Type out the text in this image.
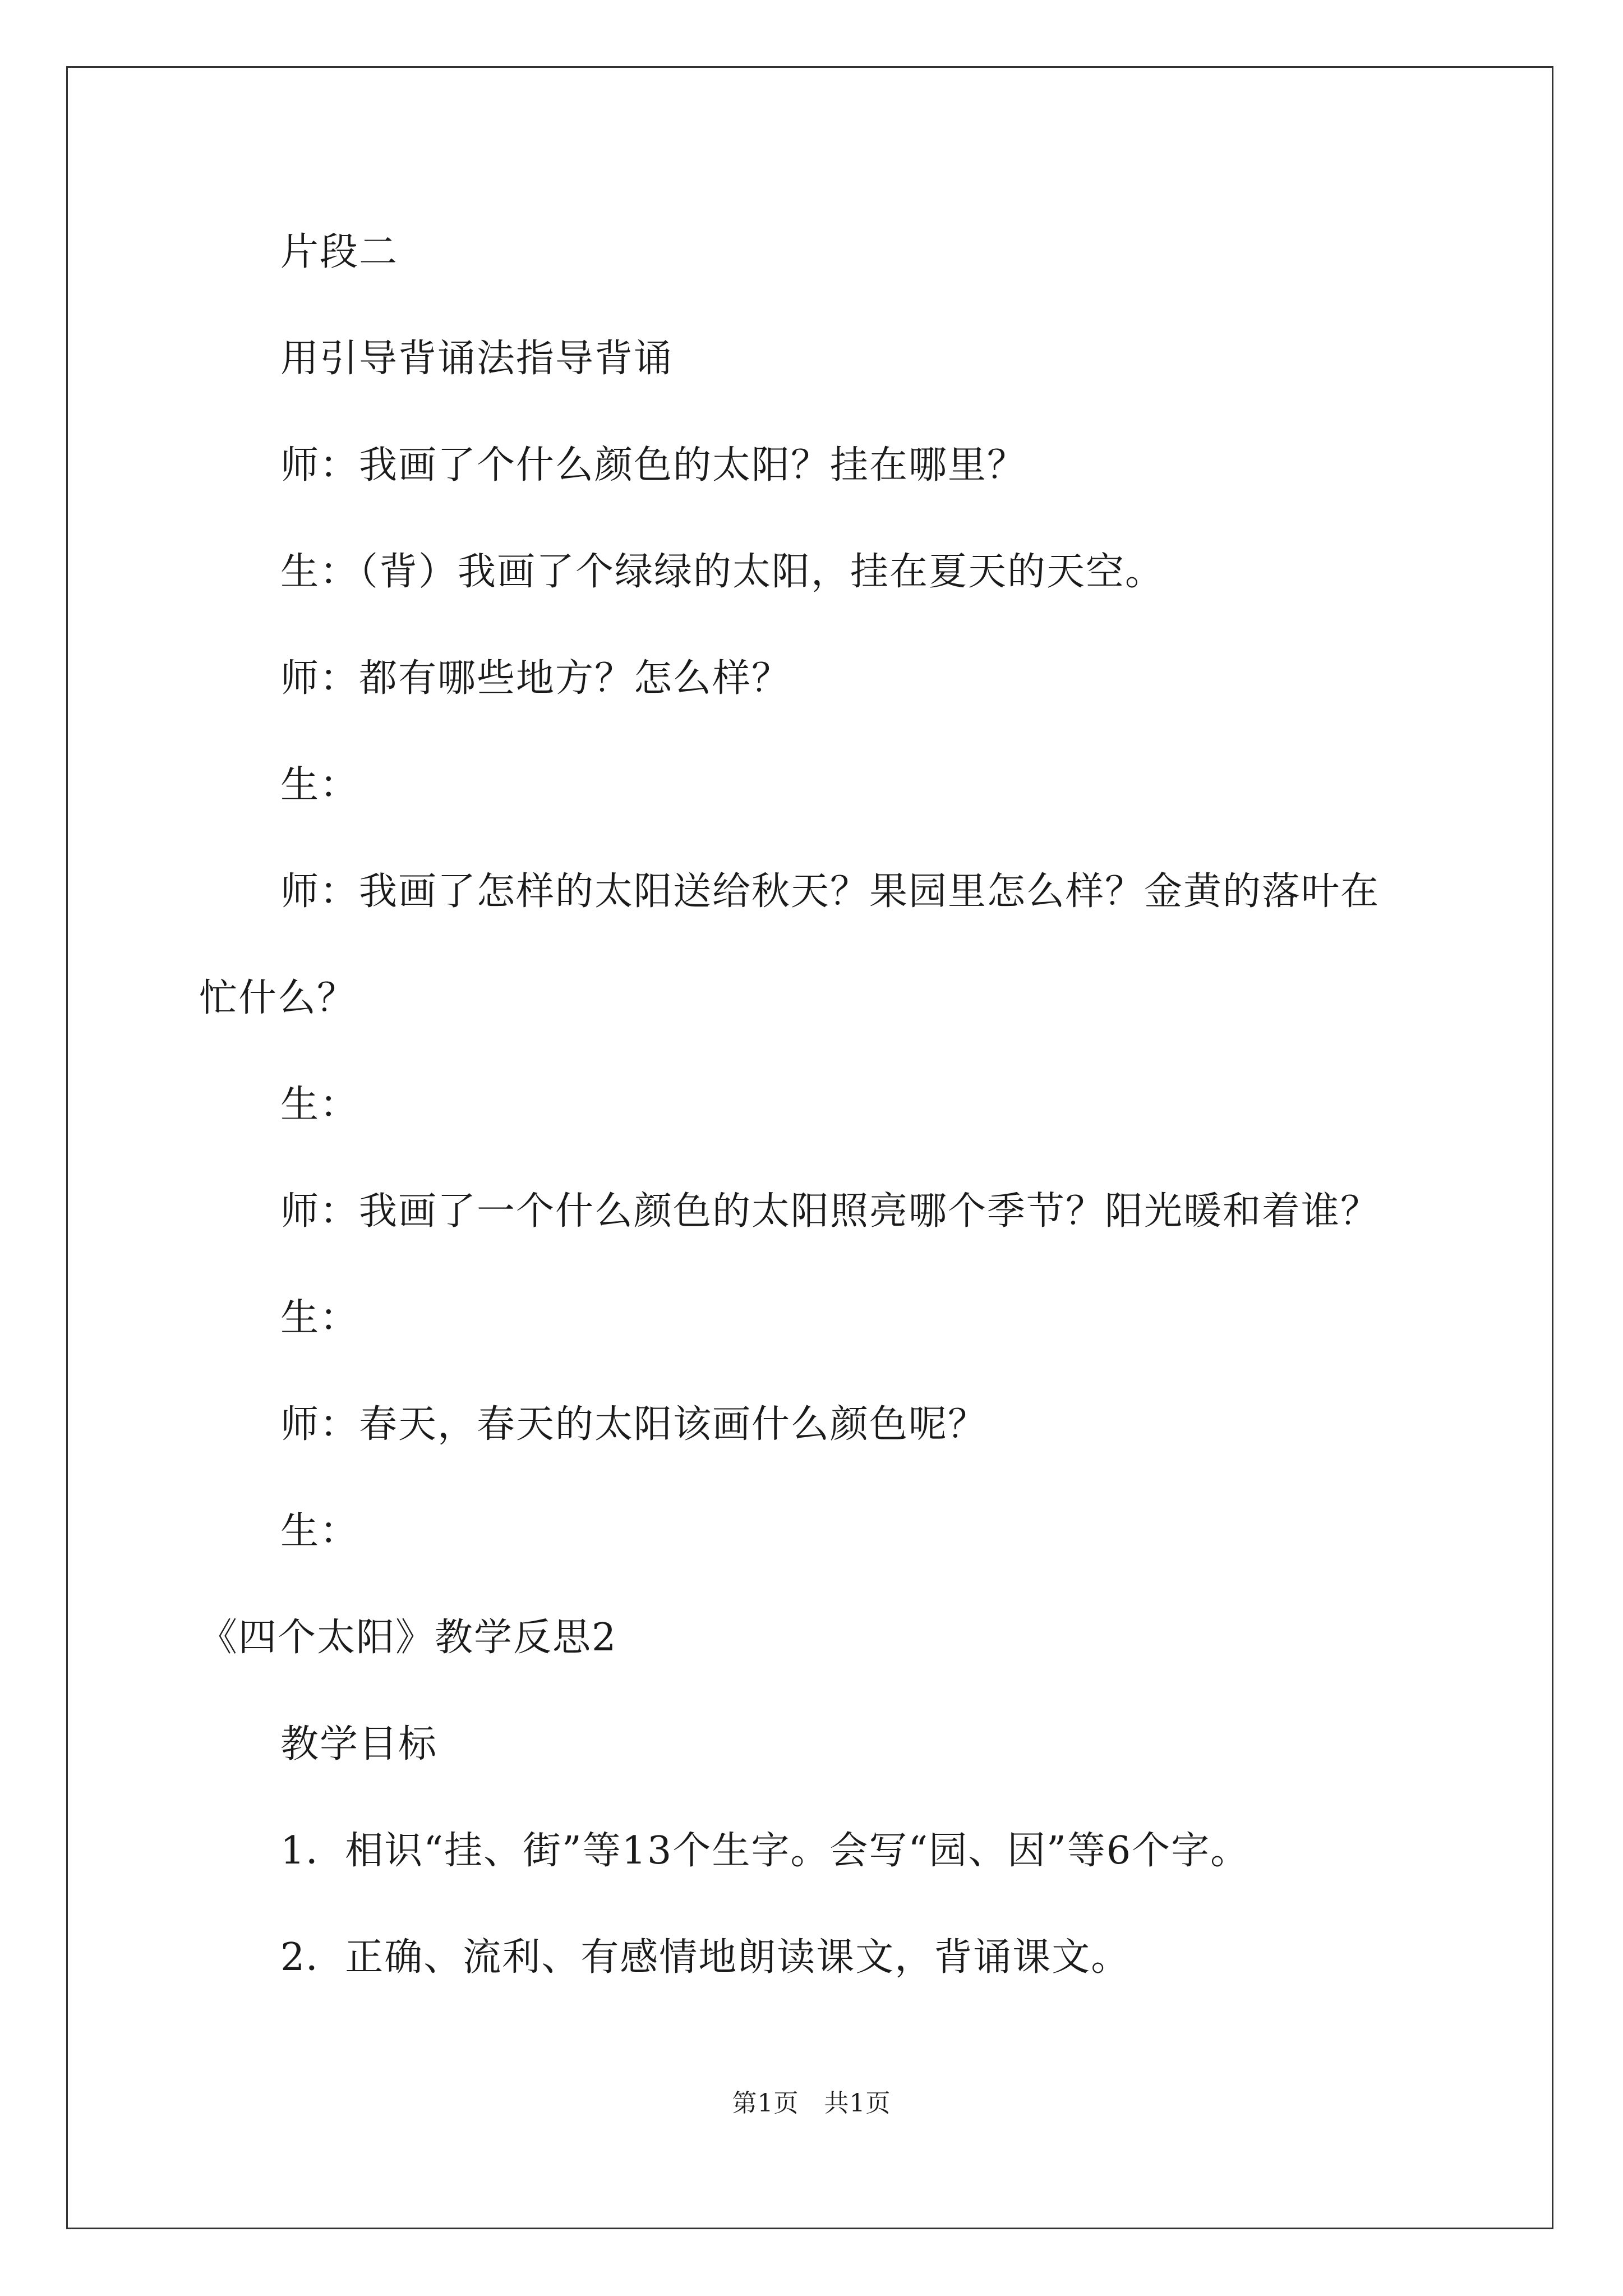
片段二

用引导背诵法指导背诵

师：我画了个什么颜色的太阳？挂在哪里？

生：（背）我画了个绿绿的太阳，挂在夏天的天空。

师：都有哪些地方？怎么样？

生：

师：我画了怎样的太阳送给秋天？果园里怎么样？金黄的落叶在

忙什么？

生：

师：我画了一个什么颜色的太阳照亮哪个季节？阳光暖和着谁？

生：

师：春天，春天的太阳该画什么颜色呢？

生：

《四个太阳》教学反思2

教学目标

1．相识“挂、街”等13个生字。会写“园、因”等6个字。

2．正确、流利、有感情地朗读课文，背诵课文。

第1页　共1页
